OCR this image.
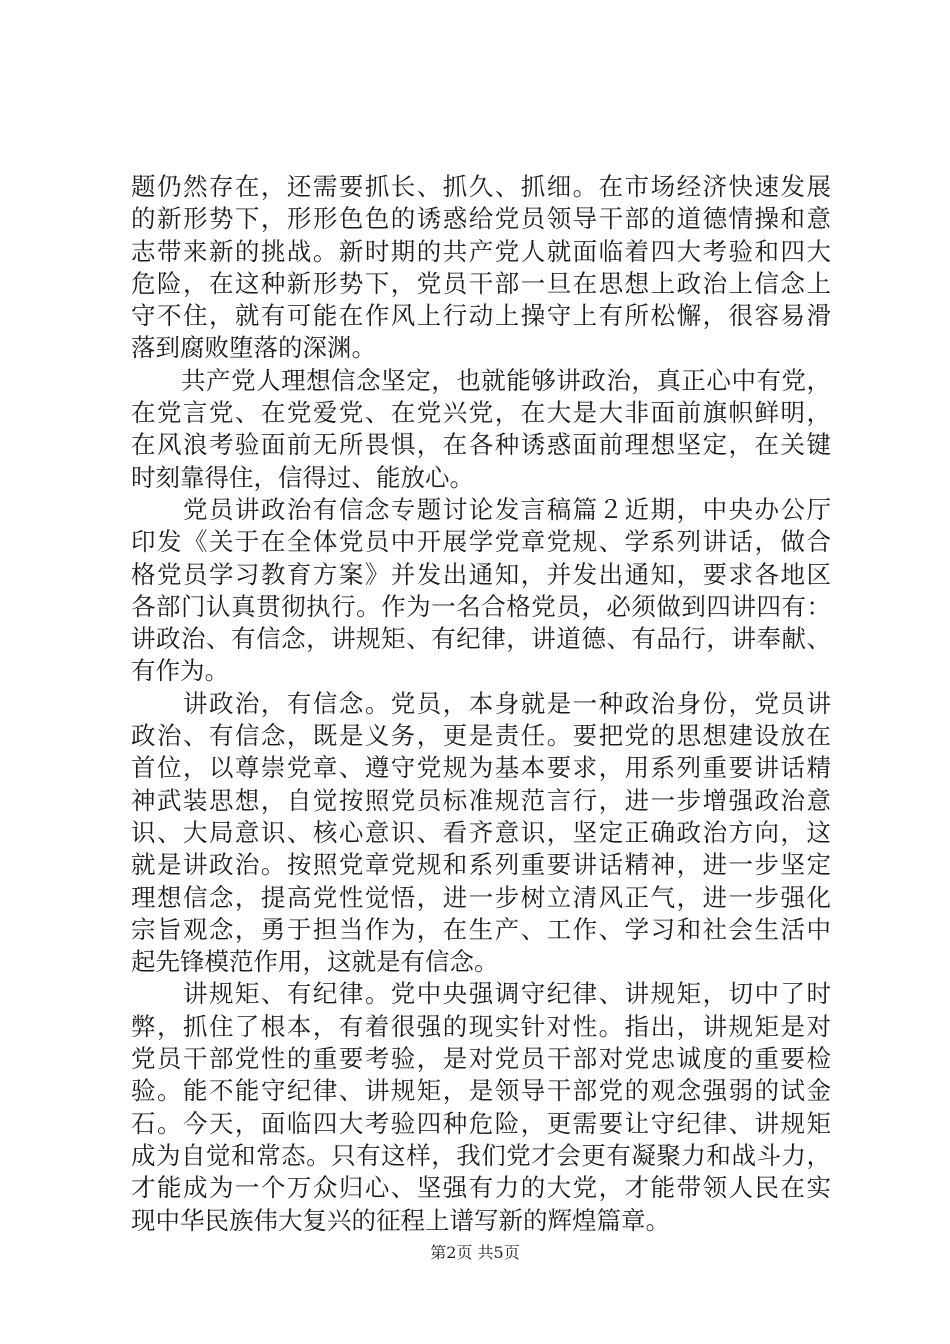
题仍然存在，还需要抓长、抓久、抓细。在市场经济快速发展
的新形势下，形形色色的诱惑给党员领导干部的道德情操和意
志带来新的挑战。新时期的共产党人就面临着四大考验和四大
危险，在这种新形势下，党员干部一旦在思想上政治上信念上
守不住，就有可能在作风上行动上操守上有所松懈，很容易滑
落到腐败堕落的深渊。
　　共产党人理想信念坚定，也就能够讲政治，真正心中有党，
在党言党、在党爱党、在党兴党，在大是大非面前旗帜鲜明，
在风浪考验面前无所畏惧，在各种诱惑面前理想坚定，在关键
时刻靠得住，信得过、能放心。
　　党员讲政治有信念专题讨论发言稿篇２近期，中央办公厅
印发《关于在全体党员中开展学党章党规、学系列讲话，做合
格党员学习教育方案》并发出通知，并发出通知，要求各地区
各部门认真贯彻执行。作为一名合格党员，必须做到四讲四有：
讲政治、有信念，讲规矩、有纪律，讲道德、有品行，讲奉献、
有作为。
　　讲政治，有信念。党员，本身就是一种政治身份，党员讲
政治、有信念，既是义务，更是责任。要把党的思想建设放在
首位，以尊崇党章、遵守党规为基本要求，用系列重要讲话精
神武装思想，自觉按照党员标准规范言行，进一步增强政治意
识、大局意识、核心意识、看齐意识，坚定正确政治方向，这
就是讲政治。按照党章党规和系列重要讲话精神，进一步坚定
理想信念，提高党性觉悟，进一步树立清风正气，进一步强化
宗旨观念，勇于担当作为，在生产、工作、学习和社会生活中
起先锋模范作用，这就是有信念。
　　讲规矩、有纪律。党中央强调守纪律、讲规矩，切中了时
弊，抓住了根本，有着很强的现实针对性。指出，讲规矩是对
党员干部党性的重要考验，是对党员干部对党忠诚度的重要检
验。能不能守纪律、讲规矩，是领导干部党的观念强弱的试金
石。今天，面临四大考验四种危险，更需要让守纪律、讲规矩
成为自觉和常态。只有这样，我们党才会更有凝聚力和战斗力，
才能成为一个万众归心、坚强有力的大党，才能带领人民在实
现中华民族伟大复兴的征程上谱写新的辉煌篇章。
第2页 共5页
